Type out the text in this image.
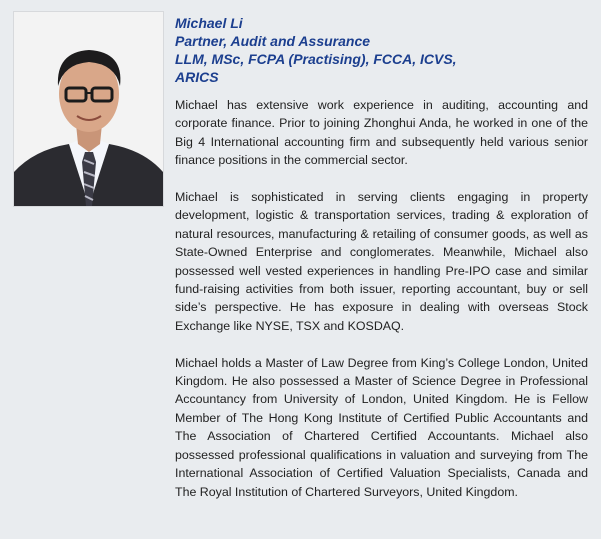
Michael Li
Partner, Audit and Assurance
LLM, MSc, FCPA (Practising), FCCA, ICVS,
ARICS

Michael has extensive work experience in auditing, accounting and corporate finance. Prior to joining Zhonghui Anda, he worked in one of the Big 4 International accounting firm and subsequently held various senior finance positions in the commercial sector.

Michael is sophisticated in serving clients engaging in property development, logistic & transportation services, trading & exploration of natural resources, manufacturing & retailing of consumer goods, as well as State-Owned Enterprise and conglomerates. Meanwhile, Michael also possessed well vested experiences in handling Pre-IPO case and similar fund-raising activities from both issuer, reporting accountant, buy or sell side’s perspective. He has exposure in dealing with overseas Stock Exchange like NYSE, TSX and KOSDAQ.

Michael holds a Master of Law Degree from King’s College London, United Kingdom. He also possessed a Master of Science Degree in Professional Accountancy from University of London, United Kingdom. He is Fellow Member of The Hong Kong Institute of Certified Public Accountants and The Association of Chartered Certified Accountants. Michael also possessed professional qualifications in valuation and surveying from The International Association of Certified Valuation Specialists, Canada and The Royal Institution of Chartered Surveyors, United Kingdom.
